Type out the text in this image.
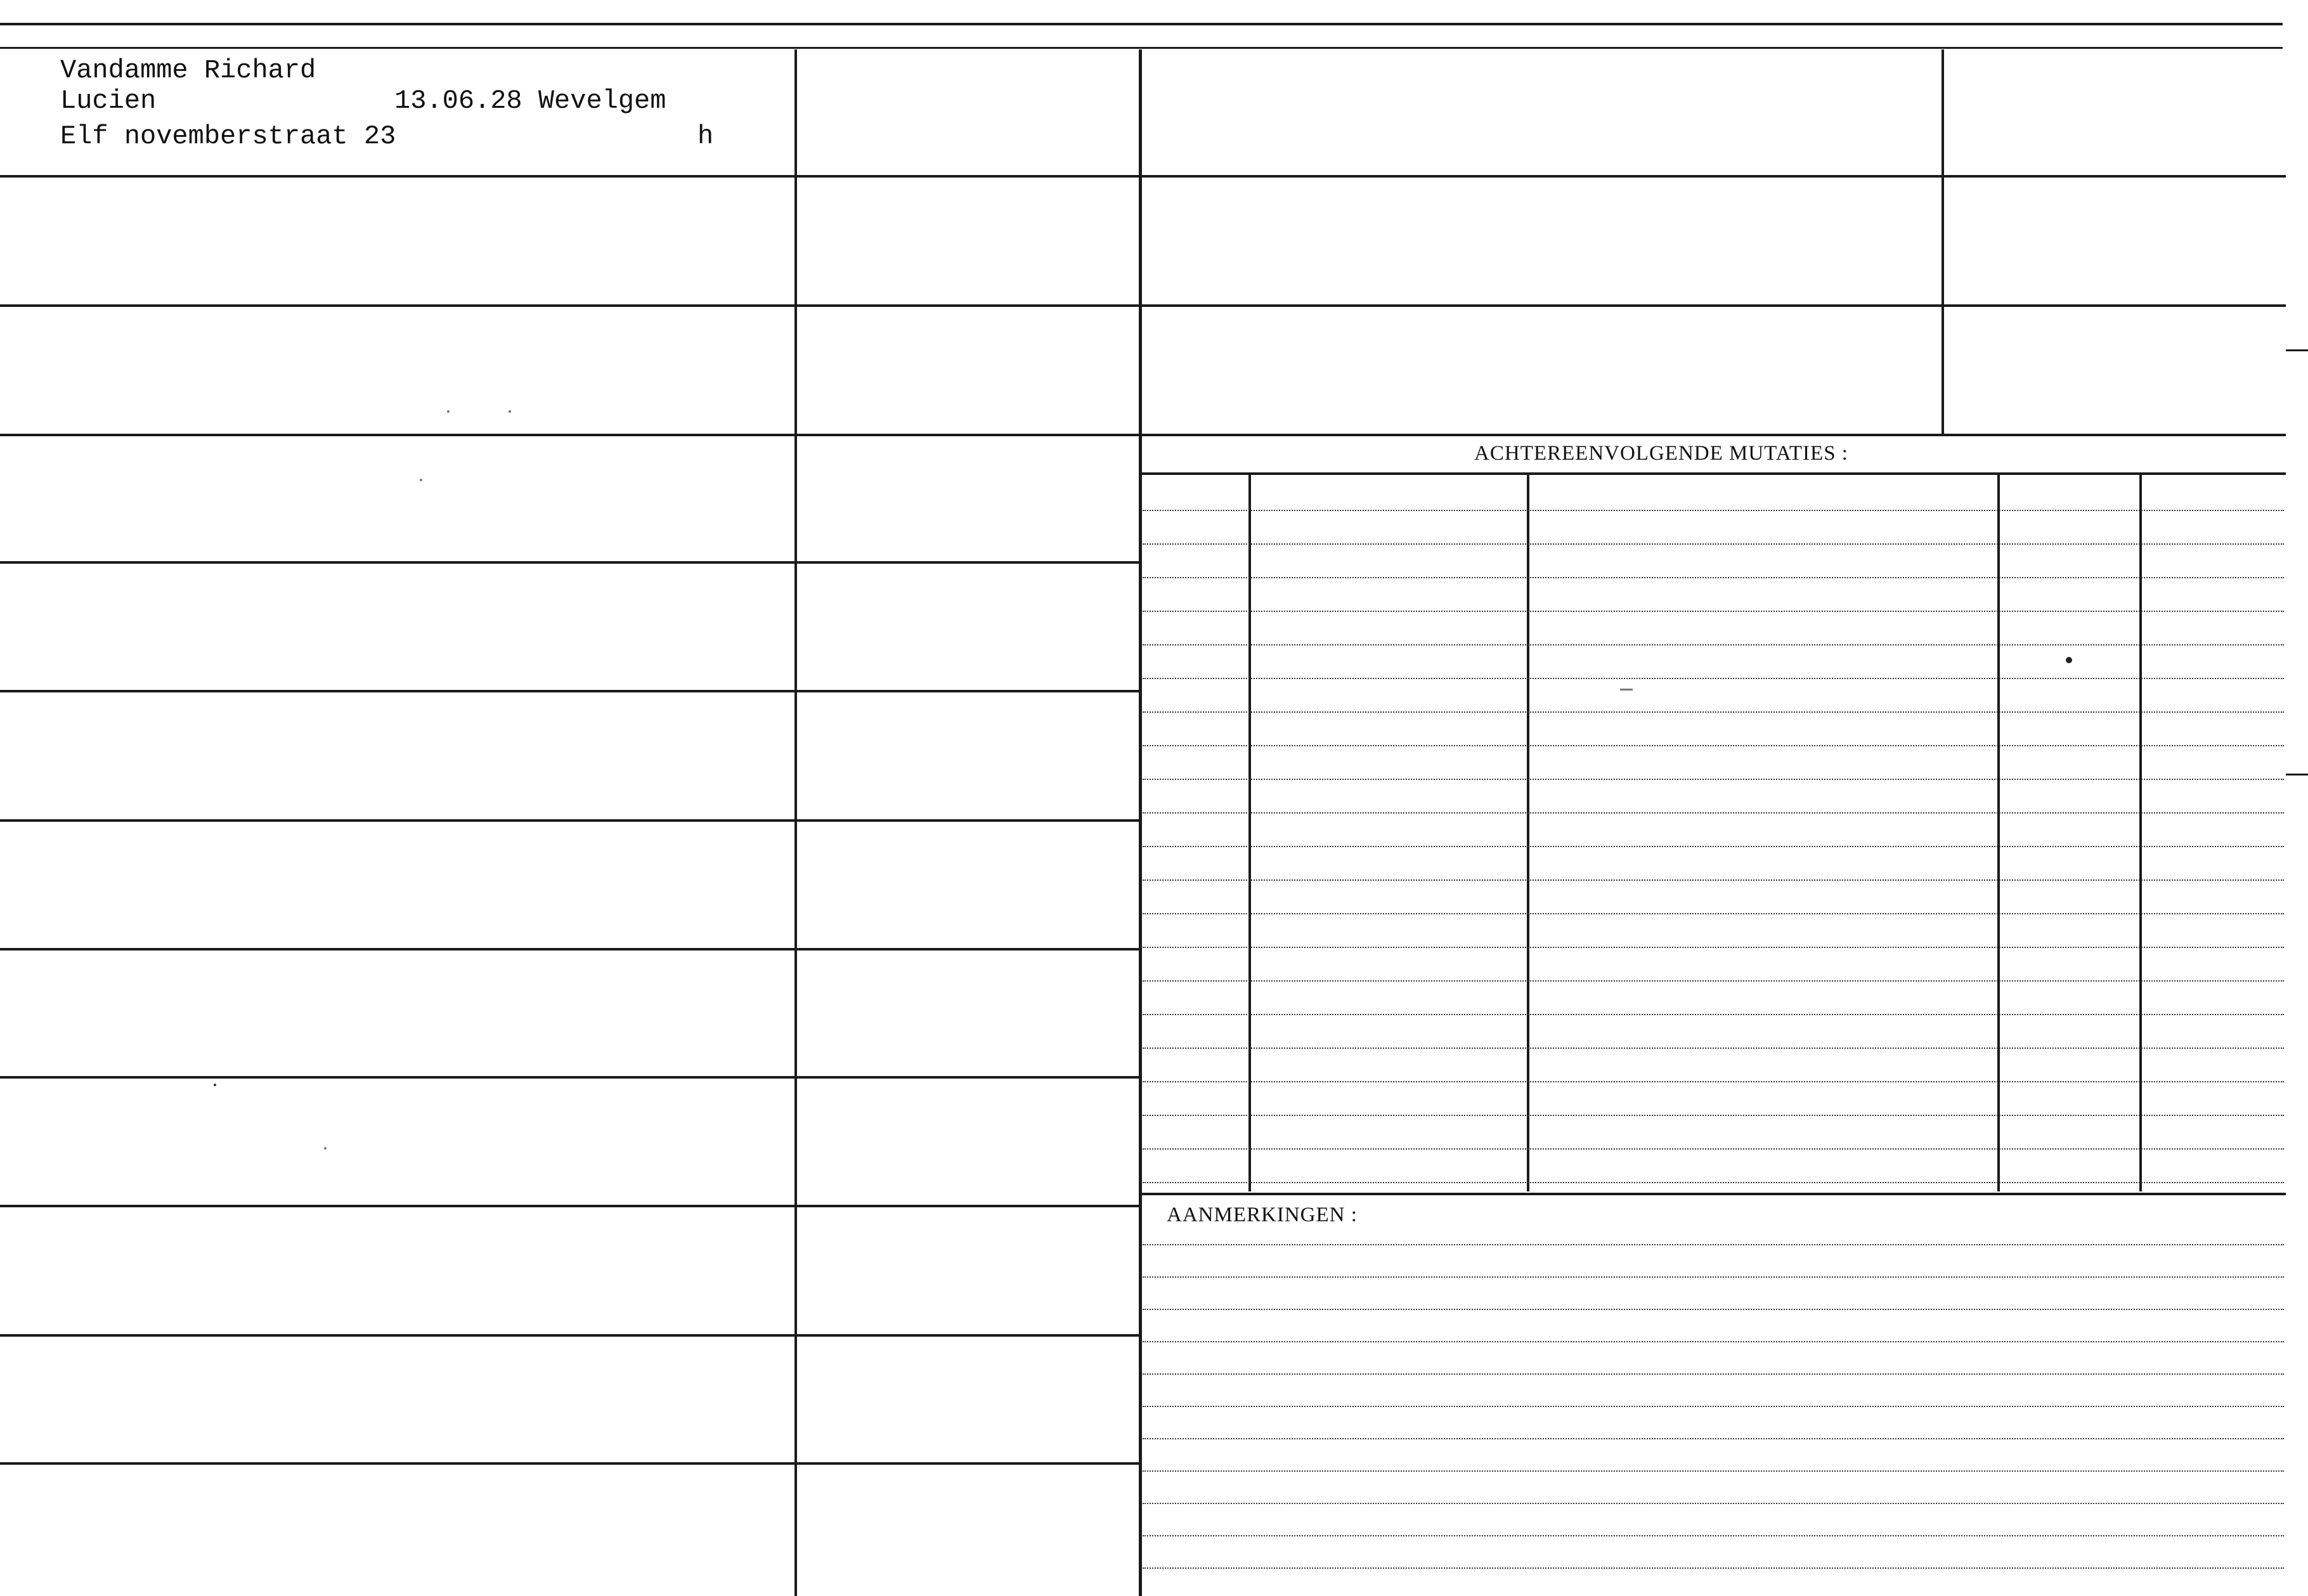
Vandamme Richard
Lucien	13.06.28 Wevelgem
Elf novemberstraat 23	h
ACHTEREENVOLGENDE MUTATIES :
AANMERKINGEN :
